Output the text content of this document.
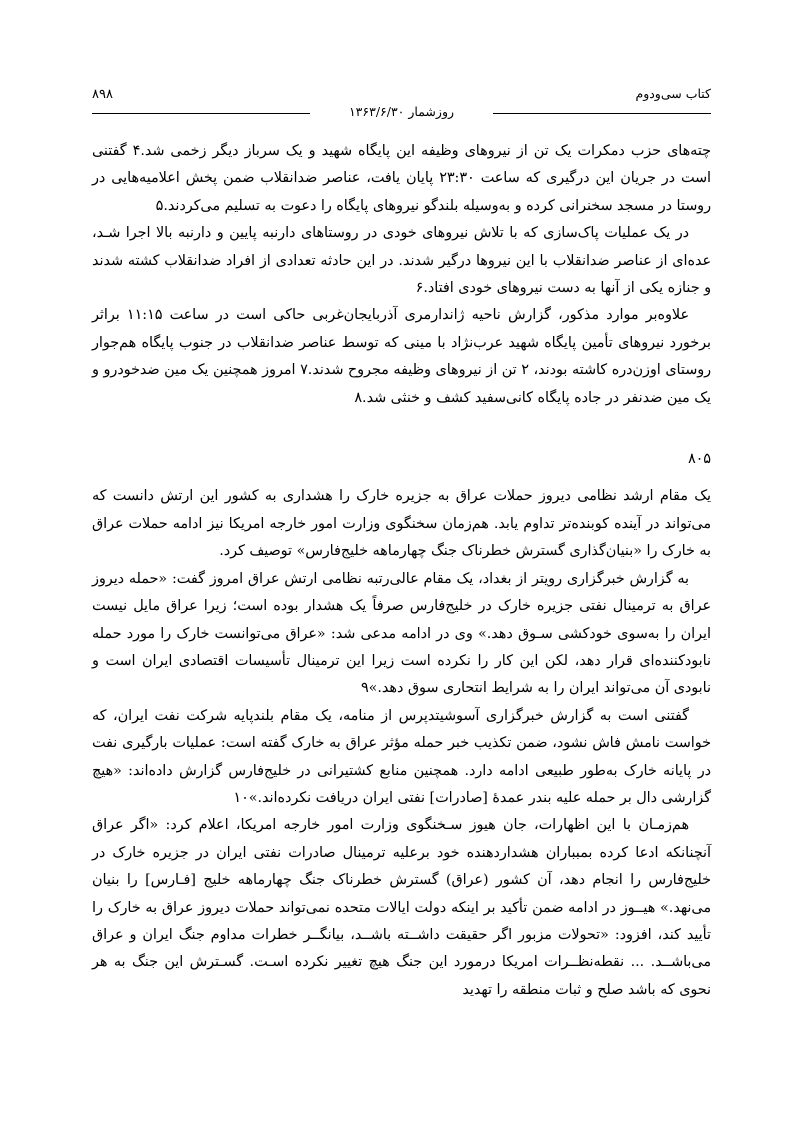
کتاب سی‌ودوم
۸۹۸
روزشمار ۱۳۶۳/۶/۳۰

چته‌های حزب دمکرات یک تن از نیروهای وظیفه این پایگاه شهید و یک سرباز دیگر زخمی شد.۴ گفتنی است در جریان این درگیری که ساعت ۲۳:۳۰ پایان یافت، عناصر ضدانقلاب ضمن پخش اعلامیه‌هایی در روستا در مسجد سخنرانی کرده و به‌وسیله بلندگو نیروهای پایگاه را دعوت به تسلیم می‌کردند.۵

در یک عملیات پاک‌سازی که با تلاش نیروهای خودی در روستاهای دارنبه پایین و دارنبه بالا اجرا شـد، عده‌ای از عناصر ضدانقلاب با این نیروها درگیر شدند. در این حادثه تعدادی از افراد ضدانقلاب کشته شدند و جنازه یکی از آنها به دست نیروهای خودی افتاد.۶

علاوه‌بر موارد مذکور، گزارش ناحیه ژاندارمری آذربایجان‌غربی حاکی است در ساعت ۱۱:۱۵ براثر برخورد نیروهای تأمین پایگاه شهید عرب‌نژاد با مینی که توسط عناصر ضدانقلاب در جنوب پایگاه هم‌جوار روستای اوزن‌دره کاشته بودند، ۲ تن از نیروهای وظیفه مجروح شدند.۷ امروز همچنین یک مین ضدخودرو و یک مین ضدنفر در جاده پایگاه کانی‌سفید کشف و خنثی شد.۸

۸۰۵

یک مقام ارشد نظامی دیروز حملات عراق به جزیره خارک را هشداری به کشور این ارتش دانست که می‌تواند در آینده کوبنده‌تر تداوم یابد. هم‌زمان سخنگوی وزارت امور خارجه امریکا نیز ادامه حملات عراق به خارک را «بنیان‌گذاری گسترش خطرناک جنگ چهارماهه خلیج‌فارس» توصیف کرد.

به گزارش خبرگزاری رویتر از بغداد، یک مقام عالی‌رتبه نظامی ارتش عراق امروز گفت: «حمله دیروز عراق به ترمینال نفتی جزیره خارک در خلیج‌فارس صرفاً یک هشدار بوده است؛ زیرا عراق مایل نیست ایران را به‌سوی خودکشی سـوق دهد.» وی در ادامه مدعی شد: «عراق می‌توانست خارک را مورد حمله نابودکننده‌ای قرار دهد، لکن این کار را نکرده است زیرا این ترمینال تأسیسات اقتصادی ایران است و نابودی آن می‌تواند ایران را به شرایط انتحاری سوق دهد.»۹

گفتنی است به گزارش خبرگزاری آسوشیتدپرس از منامه، یک مقام بلندپایه شرکت نفت ایران، که خواست نامش فاش نشود، ضمن تکذیب خبر حمله مؤثر عراق به خارک گفته است: عملیات بارگیری نفت در پایانه خارک به‌طور طبیعی ادامه دارد. همچنین منابع کشتیرانی در خلیج‌فارس گزارش داده‌اند: «هیچ گزارشی دال بر حمله علیه بندر عمدۀ [صادرات] نفتی ایران دریافت نکرده‌اند.»۱۰

هم‌زمـان با این اظهارات، جان هیوز سـخنگوی وزارت امور خارجه امریکا، اعلام کرد: «اگر عراق آنچنانکه ادعا کرده بمبباران هشداردهنده خود برعلیه ترمینال صادرات نفتی ایران در جزیره خارک در خلیج‌فارس را انجام دهد، آن کشور (عراق) گسترش خطرناک جنگ چهارماهه خلیج [فـارس] را بنیان می‌نهد.» هیــوز در ادامه ضمن تأکید بر اینکه دولت ایالات متحده نمی‌تواند حملات دیروز عراق به خارک را تأیید کند، افزود: «تحولات مزبور اگر حقیقت داشــته باشــد، بیانگــر خطرات مداوم جنگ ایران و عراق می‌باشــد. ... نقطه‌نظــرات امریکا درمورد این جنگ هیچ تغییر نکرده اسـت. گسـترش این جنگ به هر نحوی که باشد صلح و ثبات منطقه را تهدید
